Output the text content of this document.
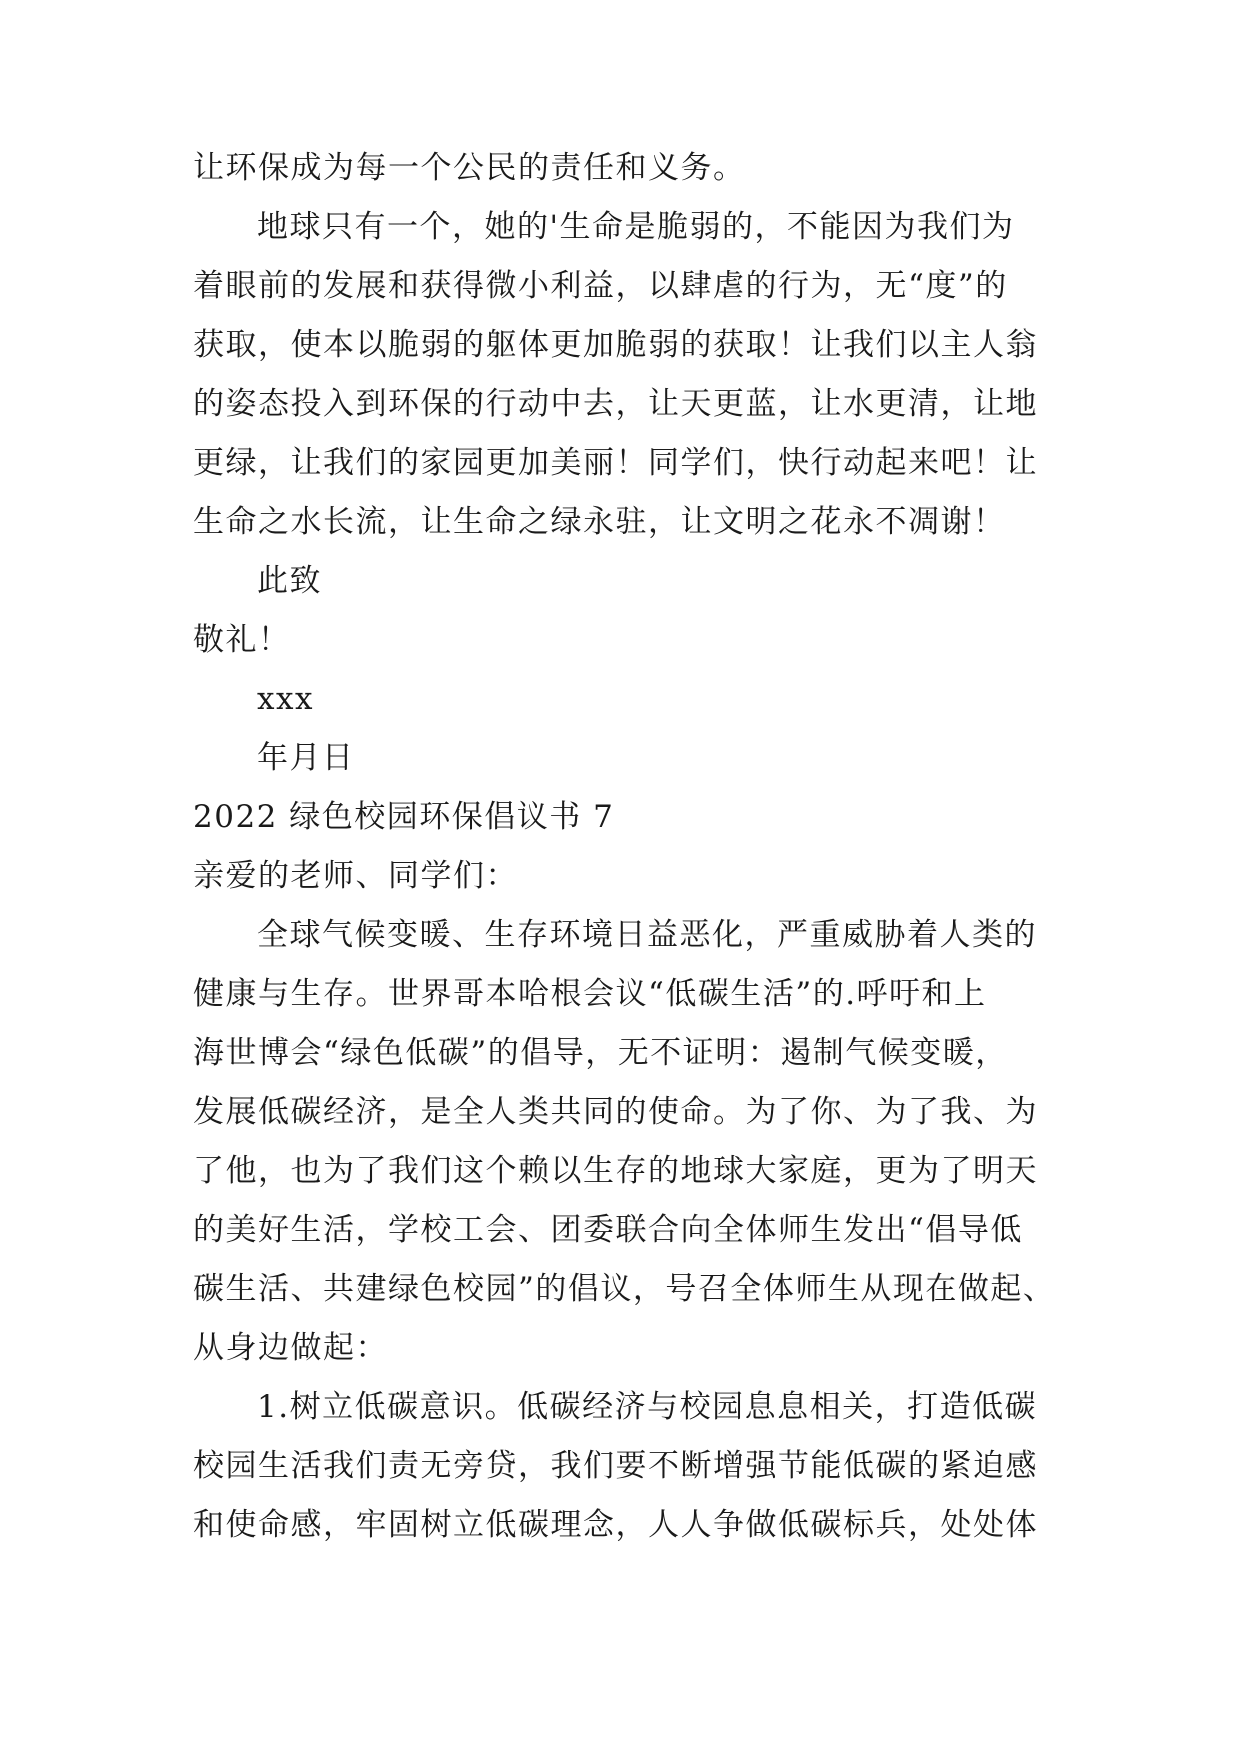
让环保成为每一个公民的责任和义务。
地球只有一个，她的'生命是脆弱的，不能因为我们为
着眼前的发展和获得微小利益，以肆虐的行为，无“度”的
获取，使本以脆弱的躯体更加脆弱的获取！让我们以主人翁
的姿态投入到环保的行动中去，让天更蓝，让水更清，让地
更绿，让我们的家园更加美丽！同学们，快行动起来吧！让
生命之水长流，让生命之绿永驻，让文明之花永不凋谢！
此致
敬礼！
xxx
年月日
2022 绿色校园环保倡议书 7
亲爱的老师、同学们：
全球气候变暖、生存环境日益恶化，严重威胁着人类的
健康与生存。世界哥本哈根会议“低碳生活”的.呼吁和上
海世博会“绿色低碳”的倡导，无不证明：遏制气候变暖，
发展低碳经济，是全人类共同的使命。为了你、为了我、为
了他，也为了我们这个赖以生存的地球大家庭，更为了明天
的美好生活，学校工会、团委联合向全体师生发出“倡导低
碳生活、共建绿色校园”的倡议，号召全体师生从现在做起、
从身边做起：
1.树立低碳意识。低碳经济与校园息息相关，打造低碳
校园生活我们责无旁贷，我们要不断增强节能低碳的紧迫感
和使命感，牢固树立低碳理念，人人争做低碳标兵，处处体
